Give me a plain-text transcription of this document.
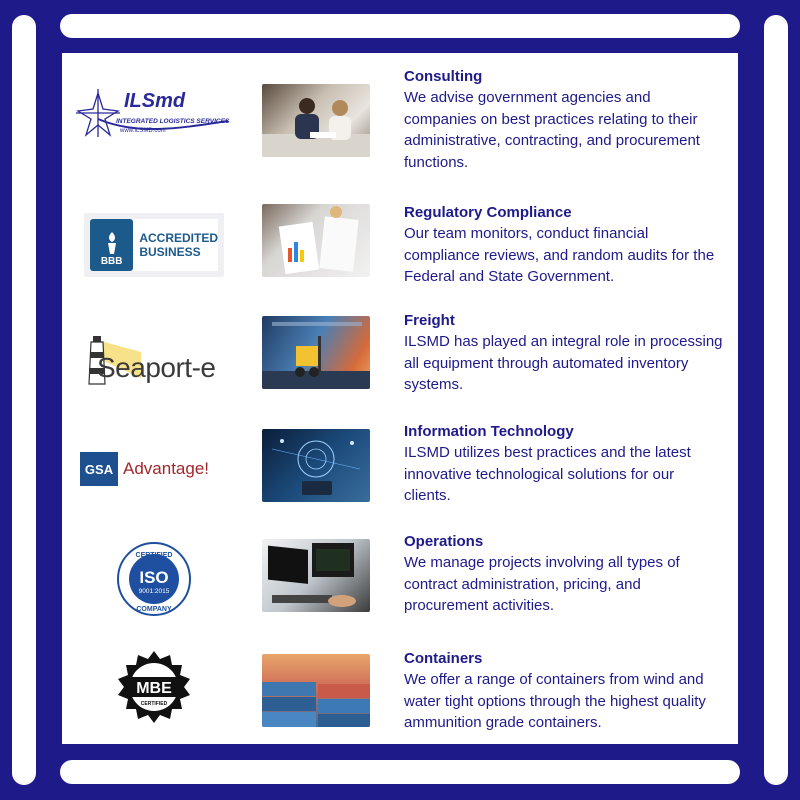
ILSmd
INTEGRATED LOGISTICS SERVICES
www.ILSMD.com
Consulting
We advise government agencies and companies on best practices relating to their administrative, contracting, and procurement functions.
BBB
ACCREDITED
BUSINESS
Regulatory Compliance
Our team monitors, conduct financial compliance reviews, and random audits for the Federal and State Government.
Seaport-e
Freight
ILSMD has played an integral role in processing all equipment through automated inventory systems.
GSA Advantage!
Information Technology
ILSMD utilizes best practices and the latest innovative technological solutions for our clients.
CERTIFIED
ISO
9001:2015
COMPANY
Operations
We manage projects involving all types of contract administration, pricing, and procurement activities.
MBE
CERTIFIED
Containers
We offer a range of containers from wind and water tight options through the highest quality ammunition grade containers.
